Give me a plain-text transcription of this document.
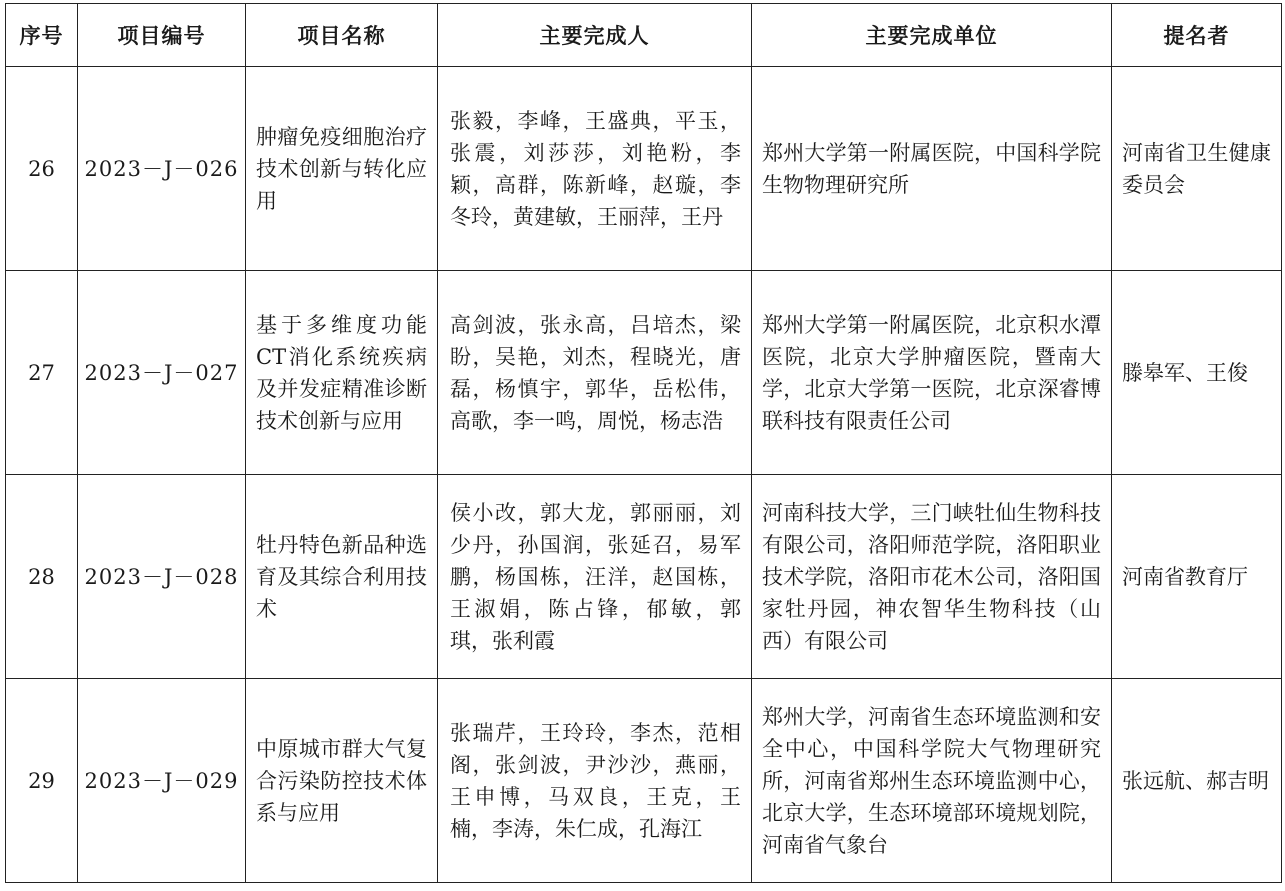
序号	项目编号	项目名称	主要完成人	主要完成单位	提名者
26	2023－J－026	肿瘤免疫细胞治疗技术创新与转化应用	张毅，李峰，王盛典，平玉，张震，刘莎莎，刘艳粉，李颖，高群，陈新峰，赵璇，李冬玲，黄建敏，王丽萍，王丹	郑州大学第一附属医院，中国科学院生物物理研究所	河南省卫生健康委员会
27	2023－J－027	基于多维度功能CT消化系统疾病及并发症精准诊断技术创新与应用	高剑波，张永高，吕培杰，梁盼，吴艳，刘杰，程晓光，唐磊，杨慎宇，郭华，岳松伟，高歌，李一鸣，周悦，杨志浩	郑州大学第一附属医院，北京积水潭医院，北京大学肿瘤医院，暨南大学，北京大学第一医院，北京深睿博联科技有限责任公司	滕皋军、王俊
28	2023－J－028	牡丹特色新品种选育及其综合利用技术	侯小改，郭大龙，郭丽丽，刘少丹，孙国润，张延召，易军鹏，杨国栋，汪洋，赵国栋，王淑娟，陈占锋，郁敏，郭琪，张利霞	河南科技大学，三门峡牡仙生物科技有限公司，洛阳师范学院，洛阳职业技术学院，洛阳市花木公司，洛阳国家牡丹园，神农智华生物科技（山西）有限公司	河南省教育厅
29	2023－J－029	中原城市群大气复合污染防控技术体系与应用	张瑞芹，王玲玲，李杰，范相阁，张剑波，尹沙沙，燕丽，王申博，马双良，王克，王楠，李涛，朱仁成，孔海江	郑州大学，河南省生态环境监测和安全中心，中国科学院大气物理研究所，河南省郑州生态环境监测中心，北京大学，生态环境部环境规划院，河南省气象台	张远航、郝吉明
